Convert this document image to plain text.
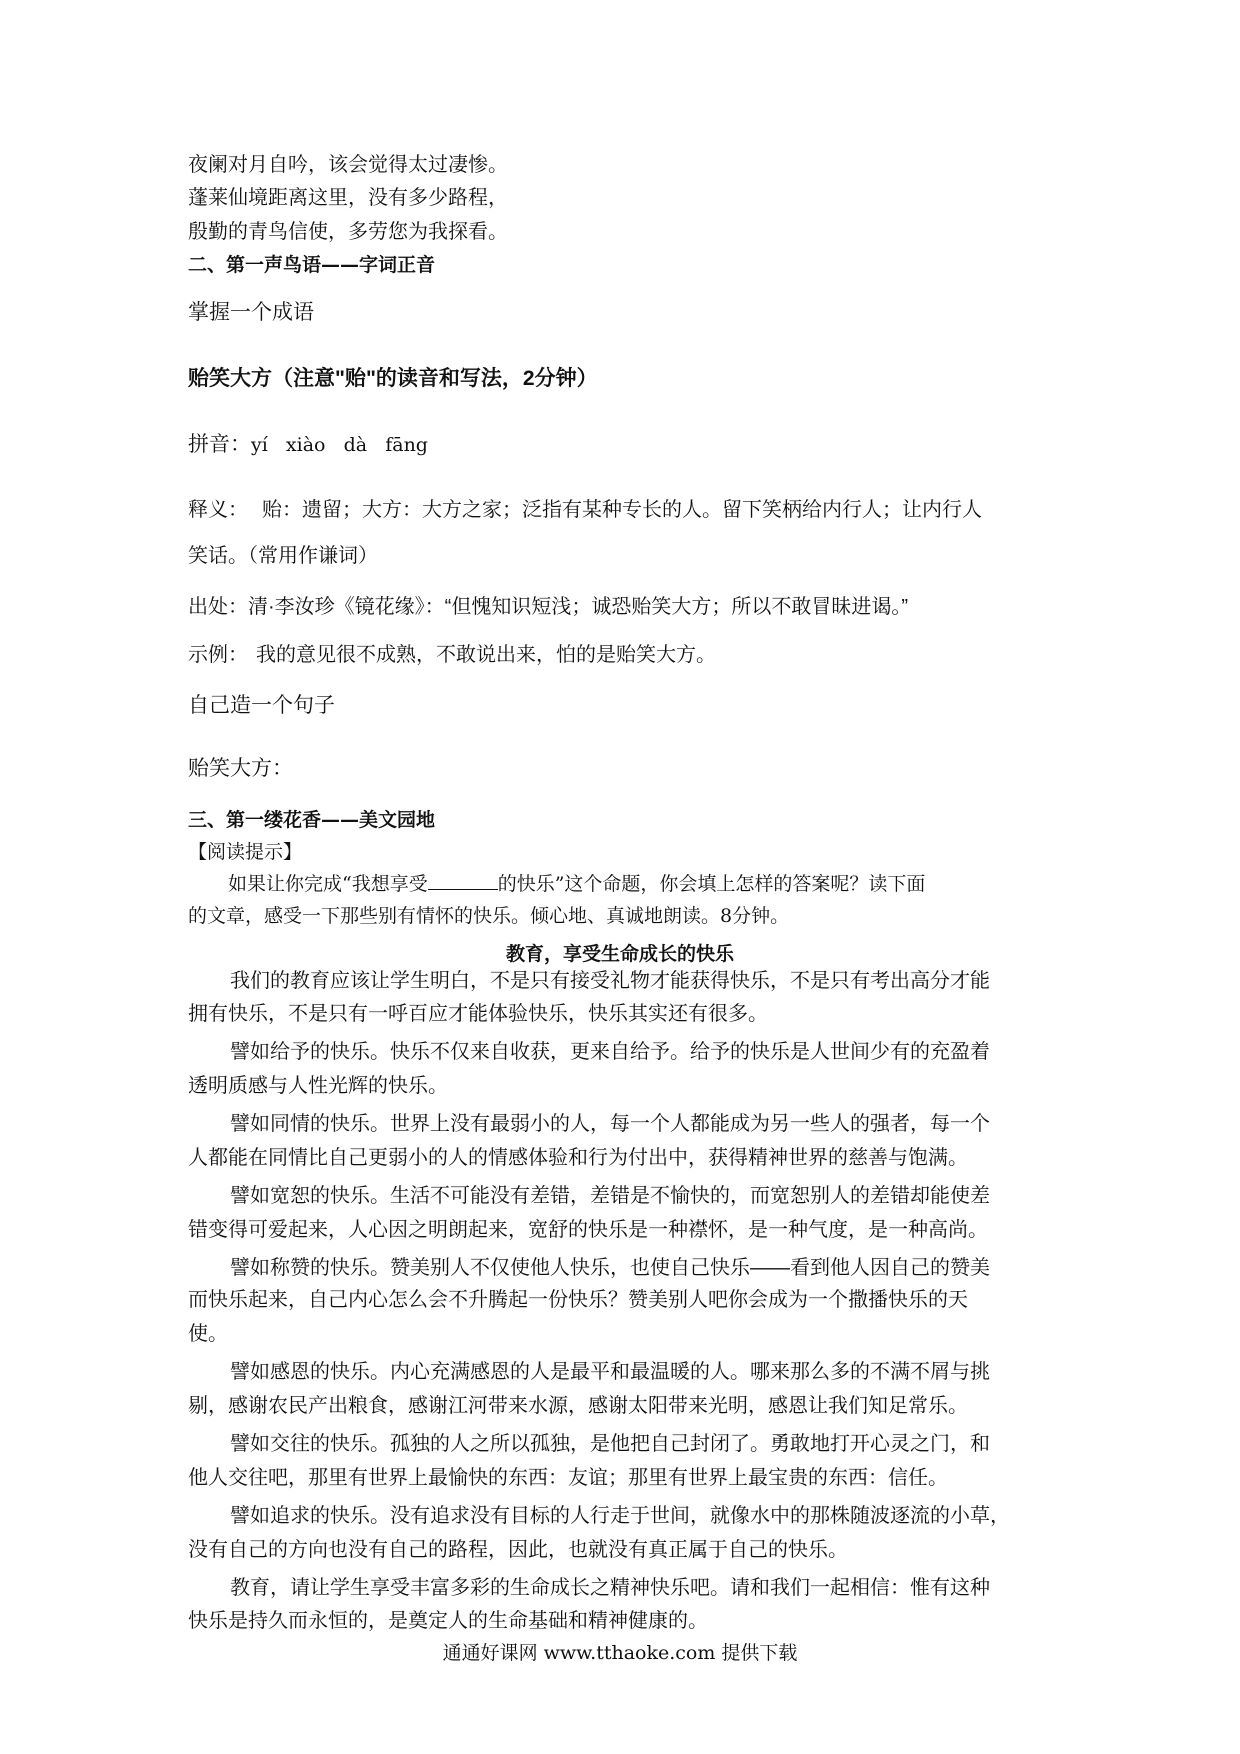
夜阑对月自吟，该会觉得太过凄惨。
蓬莱仙境距离这里，没有多少路程，
殷勤的青鸟信使，多劳您为我探看。
二、第一声鸟语——字词正音
掌握一个成语
贻笑大方（注意"贻"的读音和写法，2分钟）
拼音：yí   xiào   dà   fāng
释义： 贻：遗留；大方：大方之家；泛指有某种专长的人。留下笑柄给内行人；让内行人
笑话。（常用作谦词）
出处：清·李汝珍《镜花缘》：“但愧知识短浅；诚恐贻笑大方；所以不敢冒昧进谒。”
示例： 我的意见很不成熟，不敢说出来，怕的是贻笑大方。
自己造一个句子
贻笑大方：
三、第一缕花香——美文园地
【阅读提示】
如果让你完成“我想享受	的快乐”这个命题，你会填上怎样的答案呢？读下面
的文章，感受一下那些别有情怀的快乐。倾心地、真诚地朗读。8分钟。
教育，享受生命成长的快乐
我们的教育应该让学生明白，不是只有接受礼物才能获得快乐，不是只有考出高分才能
拥有快乐，不是只有一呼百应才能体验快乐，快乐其实还有很多。
譬如给予的快乐。快乐不仅来自收获，更来自给予。给予的快乐是人世间少有的充盈着
透明质感与人性光辉的快乐。
譬如同情的快乐。世界上没有最弱小的人，每一个人都能成为另一些人的强者，每一个
人都能在同情比自己更弱小的人的情感体验和行为付出中，获得精神世界的慈善与饱满。
譬如宽恕的快乐。生活不可能没有差错，差错是不愉快的，而宽恕别人的差错却能使差
错变得可爱起来，人心因之明朗起来，宽舒的快乐是一种襟怀，是一种气度，是一种高尚。
譬如称赞的快乐。赞美别人不仅使他人快乐，也使自己快乐——看到他人因自己的赞美
而快乐起来，自己内心怎么会不升腾起一份快乐？赞美别人吧你会成为一个撒播快乐的天
使。
譬如感恩的快乐。内心充满感恩的人是最平和最温暖的人。哪来那么多的不满不屑与挑
剔，感谢农民产出粮食，感谢江河带来水源，感谢太阳带来光明，感恩让我们知足常乐。
譬如交往的快乐。孤独的人之所以孤独，是他把自己封闭了。勇敢地打开心灵之门，和
他人交往吧，那里有世界上最愉快的东西：友谊；那里有世界上最宝贵的东西：信任。
譬如追求的快乐。没有追求没有目标的人行走于世间，就像水中的那株随波逐流的小草，
没有自己的方向也没有自己的路程，因此，也就没有真正属于自己的快乐。
教育，请让学生享受丰富多彩的生命成长之精神快乐吧。请和我们一起相信：惟有这种
快乐是持久而永恒的，是奠定人的生命基础和精神健康的。
通通好课网 www.tthaoke.com 提供下载
